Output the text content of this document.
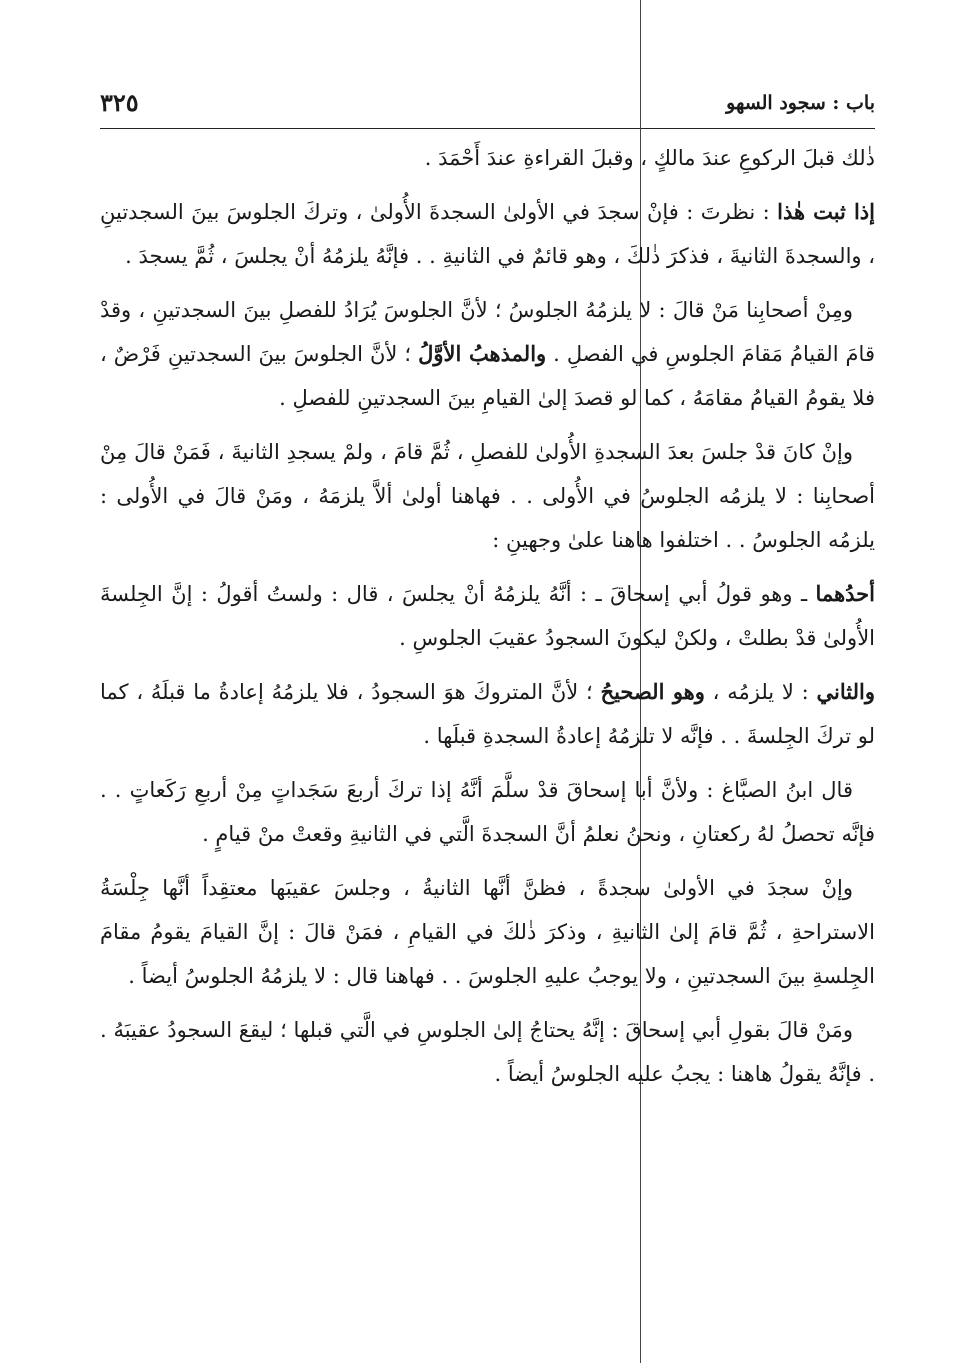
باب : سجود السهو
٣٢٥

ذٰلك قبلَ الركوعِ عندَ مالكٍ ، وقبلَ القراءةِ عندَ أَحْمَدَ .

إذا ثبت هٰذا : نظرتَ : فإنْ سجدَ في الأولىٰ السجدةَ الأُولىٰ ، وتركَ الجلوسَ بينَ السجدتينِ ، والسجدةَ الثانيةَ ، فذكرَ ذٰلكَ ، وهو قائمٌ في الثانيةِ . . فإنَّهُ يلزمُهُ أنْ يجلسَ ، ثُمَّ يسجدَ .

ومِنْ أصحابِنا مَنْ قالَ : لا يلزمُهُ الجلوسُ ؛ لأنَّ الجلوسَ يُرَادُ للفصلِ بينَ السجدتينِ ، وقدْ قامَ القيامُ مَقامَ الجلوسِ في الفصلِ . والمذهبُ الأوَّلُ ؛ لأنَّ الجلوسَ بينَ السجدتينِ فَرْضٌ ، فلا يقومُ القيامُ مقامَهُ ، كما لو قصدَ إلىٰ القيامِ بينَ السجدتينِ للفصلِ .

وإنْ كانَ قدْ جلسَ بعدَ السجدةِ الأُولىٰ للفصلِ ، ثُمَّ قامَ ، ولمْ يسجدِ الثانيةَ ، فَمَنْ قالَ مِنْ أصحابِنا : لا يلزمُه الجلوسُ في الأُولى . . فهاهنا أولىٰ ألاَّ يلزمَهُ ، ومَنْ قالَ في الأُولى : يلزمُه الجلوسُ . . اختلفوا هاهنا علىٰ وجهينِ :

أحدُهما ـ وهو قولُ أبي إسحاقَ ـ : أنَّهُ يلزمُهُ أنْ يجلسَ ، قال : ولستُ أقولُ : إنَّ الجِلسةَ الأُولىٰ قدْ بطلتْ ، ولكنْ ليكونَ السجودُ عقيبَ الجلوسِ .

والثاني : لا يلزمُه ، وهو الصحيحُ ؛ لأنَّ المتروكَ هوَ السجودُ ، فلا يلزمُهُ إعادةُ ما قبلَهُ ، كما لو تركَ الجِلسةَ . . فإنَّه لا تلزمُهُ إعادةُ السجدةِ قبلَها .

قال ابنُ الصبَّاغ : ولأنَّ أبا إسحاقَ قدْ سلَّمَ أنَّهُ إذا تركَ أربعَ سَجَداتٍ مِنْ أربعِ رَكَعاتٍ . . فإنَّه تحصلُ لهُ ركعتانِ ، ونحنُ نعلمُ أنَّ السجدةَ الَّتي في الثانيةِ وقعتْ منْ قيامٍ .

وإنْ سجدَ في الأولىٰ سجدةً ، فظنَّ أنَّها الثانيةُ ، وجلسَ عقيبَها معتقِداً أنَّها جِلْسَةُ الاستراحةِ ، ثُمَّ قامَ إلىٰ الثانيةِ ، وذكرَ ذٰلكَ في القيامِ ، فمَنْ قالَ : إنَّ القيامَ يقومُ مقامَ الجِلسةِ بينَ السجدتينِ ، ولا يوجبُ عليهِ الجلوسَ . . فهاهنا قال : لا يلزمُهُ الجلوسُ أيضاً .

ومَنْ قالَ بقولِ أبي إسحاقَ : إنَّهُ يحتاجُ إلىٰ الجلوسِ في الَّتي قبلها ؛ ليقعَ السجودُ عقيبَهُ . . فإنَّهُ يقولُ هاهنا : يجبُ عليه الجلوسُ أيضاً .
